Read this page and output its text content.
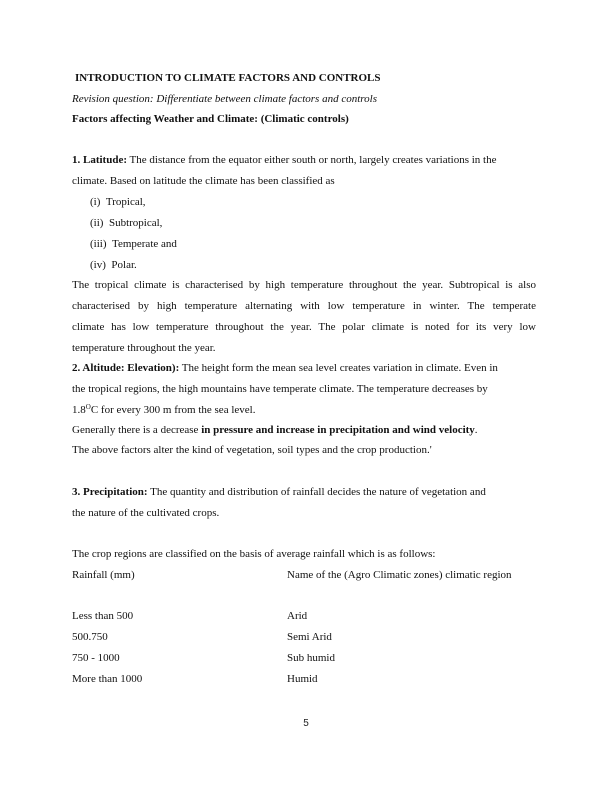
INTRODUCTION TO CLIMATE FACTORS AND CONTROLS
Revision question: Differentiate between climate factors and controls
Factors affecting Weather and Climate: (Climatic controls)
1. Latitude: The distance from the equator either south or north, largely creates variations in the
climate. Based on latitude the climate has been classified as
(i) Tropical,
(ii) Subtropical,
(iii) Temperate and
(iv) Polar.
The tropical climate is characterised by high temperature throughout the year. Subtropical is also
characterised by high temperature alternating with low temperature in winter. The temperate
climate has low temperature throughout the year. The polar climate is noted for its very low
temperature throughout the year.
2. Altitude: Elevation): The height form the mean sea level creates variation in climate. Even in
the tropical regions, the high mountains have temperate climate. The temperature decreases by
$1.8^OC$ for every 300 m from the sea level.
Generally there is a decrease in pressure and increase in precipitation and wind velocity.
The above factors alter the kind of vegetation, soil types and the crop production.'
3. Precipitation: The quantity and distribution of rainfall decides the nature of vegetation and
the nature of the cultivated crops.
The crop regions are classified on the basis of average rainfall which is as follows:
Rainfall (mm)	Name of the (Agro Climatic zones) climatic region
Less than 500	Arid
500.750	Semi Arid
750 - 1000	Sub humid
More than 1000	Humid
5
